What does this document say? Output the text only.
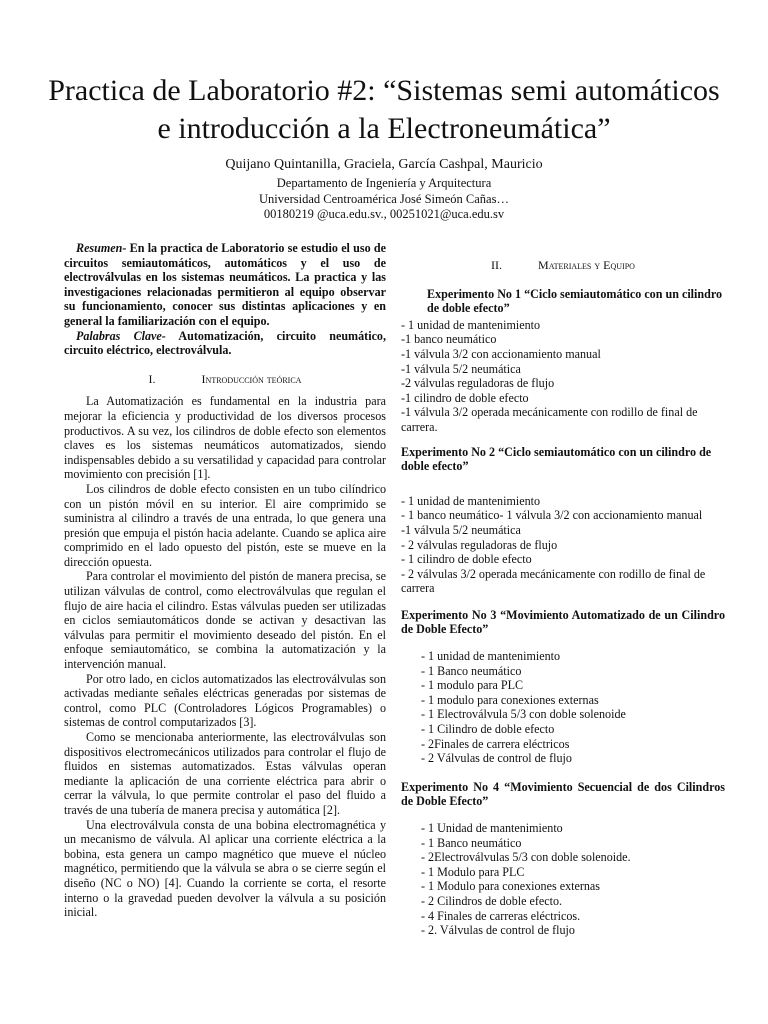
Practica de Laboratorio #2: “Sistemas semi automáticos e introducción a la Electroneumática”
Quijano Quintanilla, Graciela, García Cashpal, Mauricio
Departamento de Ingeniería y Arquitectura
Universidad Centroamérica José Simeón Cañas…
00180219 @uca.edu.sv., 00251021@uca.edu.sv

Resumen- En la practica de Laboratorio se estudio el uso de circuitos semiautomáticos, automáticos y el uso de electroválvulas en los sistemas neumáticos. La practica y las investigaciones relacionadas permitieron al equipo observar su funcionamiento, conocer sus distintas aplicaciones y en general la familiarización con el equipo.

Palabras Clave- Automatización, circuito neumático, circuito eléctrico, electroválvula.

I.	Introducción teórica

La Automatización es fundamental en la industria para mejorar la eficiencia y productividad de los diversos procesos productivos. A su vez, los cilindros de doble efecto son elementos claves es los sistemas neumáticos automatizados, siendo indispensables debido a su versatilidad y capacidad para controlar movimiento con precisión [1].

Los cilindros de doble efecto consisten en un tubo cilíndrico con un pistón móvil en su interior. El aire comprimido se suministra al cilindro a través de una entrada, lo que genera una presión que empuja el pistón hacia adelante. Cuando se aplica aire comprimido en el lado opuesto del pistón, este se mueve en la dirección opuesta.

Para controlar el movimiento del pistón de manera precisa, se utilizan válvulas de control, como electroválvulas que regulan el flujo de aire hacia el cilindro. Estas válvulas pueden ser utilizadas en ciclos semiautomáticos donde se activan y desactivan las válvulas para permitir el movimiento deseado del pistón. En el enfoque semiautomático, se combina la automatización y la intervención manual.

Por otro lado, en ciclos automatizados las electroválvulas son activadas mediante señales eléctricas generadas por sistemas de control, como PLC (Controladores Lógicos Programables) o sistemas de control computarizados [3].

Como se mencionaba anteriormente, las electroválvulas son dispositivos electromecánicos utilizados para controlar el flujo de fluidos en sistemas automatizados. Estas válvulas operan mediante la aplicación de una corriente eléctrica para abrir o cerrar la válvula, lo que permite controlar el paso del fluido a través de una tubería de manera precisa y automática [2].

Una electroválvula consta de una bobina electromagnética y un mecanismo de válvula. Al aplicar una corriente eléctrica a la bobina, esta genera un campo magnético que mueve el núcleo magnético, permitiendo que la válvula se abra o se cierre según el diseño (NC o NO) [4]. Cuando la corriente se corta, el resorte interno o la gravedad pueden devolver la válvula a su posición inicial.

II.	Materiales y Equipo

Experimento No 1 “Ciclo semiautomático con un cilindro de doble efecto”

- 1 unidad de mantenimiento
-1 banco neumático
-1 válvula 3/2 con accionamiento manual
-1 válvula 5/2 neumática
-2 válvulas reguladoras de flujo
-1 cilindro de doble efecto
-1 válvula 3/2 operada mecánicamente con rodillo de final de carrera.

Experimento No 2 “Ciclo semiautomático con un cilindro de doble efecto”

- 1 unidad de mantenimiento
- 1 banco neumático- 1 válvula 3/2 con accionamiento manual
-1 válvula 5/2 neumática
- 2 válvulas reguladoras de flujo
- 1 cilindro de doble efecto
- 2 válvulas 3/2 operada mecánicamente con rodillo de final de carrera

Experimento No 3 “Movimiento Automatizado de un Cilindro de Doble Efecto”

- 1 unidad de mantenimiento
- 1 Banco neumático
- 1 modulo para PLC
- 1 modulo para conexiones externas
- 1 Electroválvula 5/3 con doble solenoide
- 1 Cilindro de doble efecto
- 2Finales de carrera eléctricos
- 2 Válvulas de control de flujo

Experimento No 4 “Movimiento Secuencial de dos Cilindros de Doble Efecto”

- 1 Unidad de mantenimiento
- 1 Banco neumático
- 2Electroválvulas 5/3 con doble solenoide.
- 1 Modulo para PLC
- 1 Modulo para conexiones externas
- 2 Cilindros de doble efecto.
- 4 Finales de carreras eléctricos.
- 2. Válvulas de control de flujo
